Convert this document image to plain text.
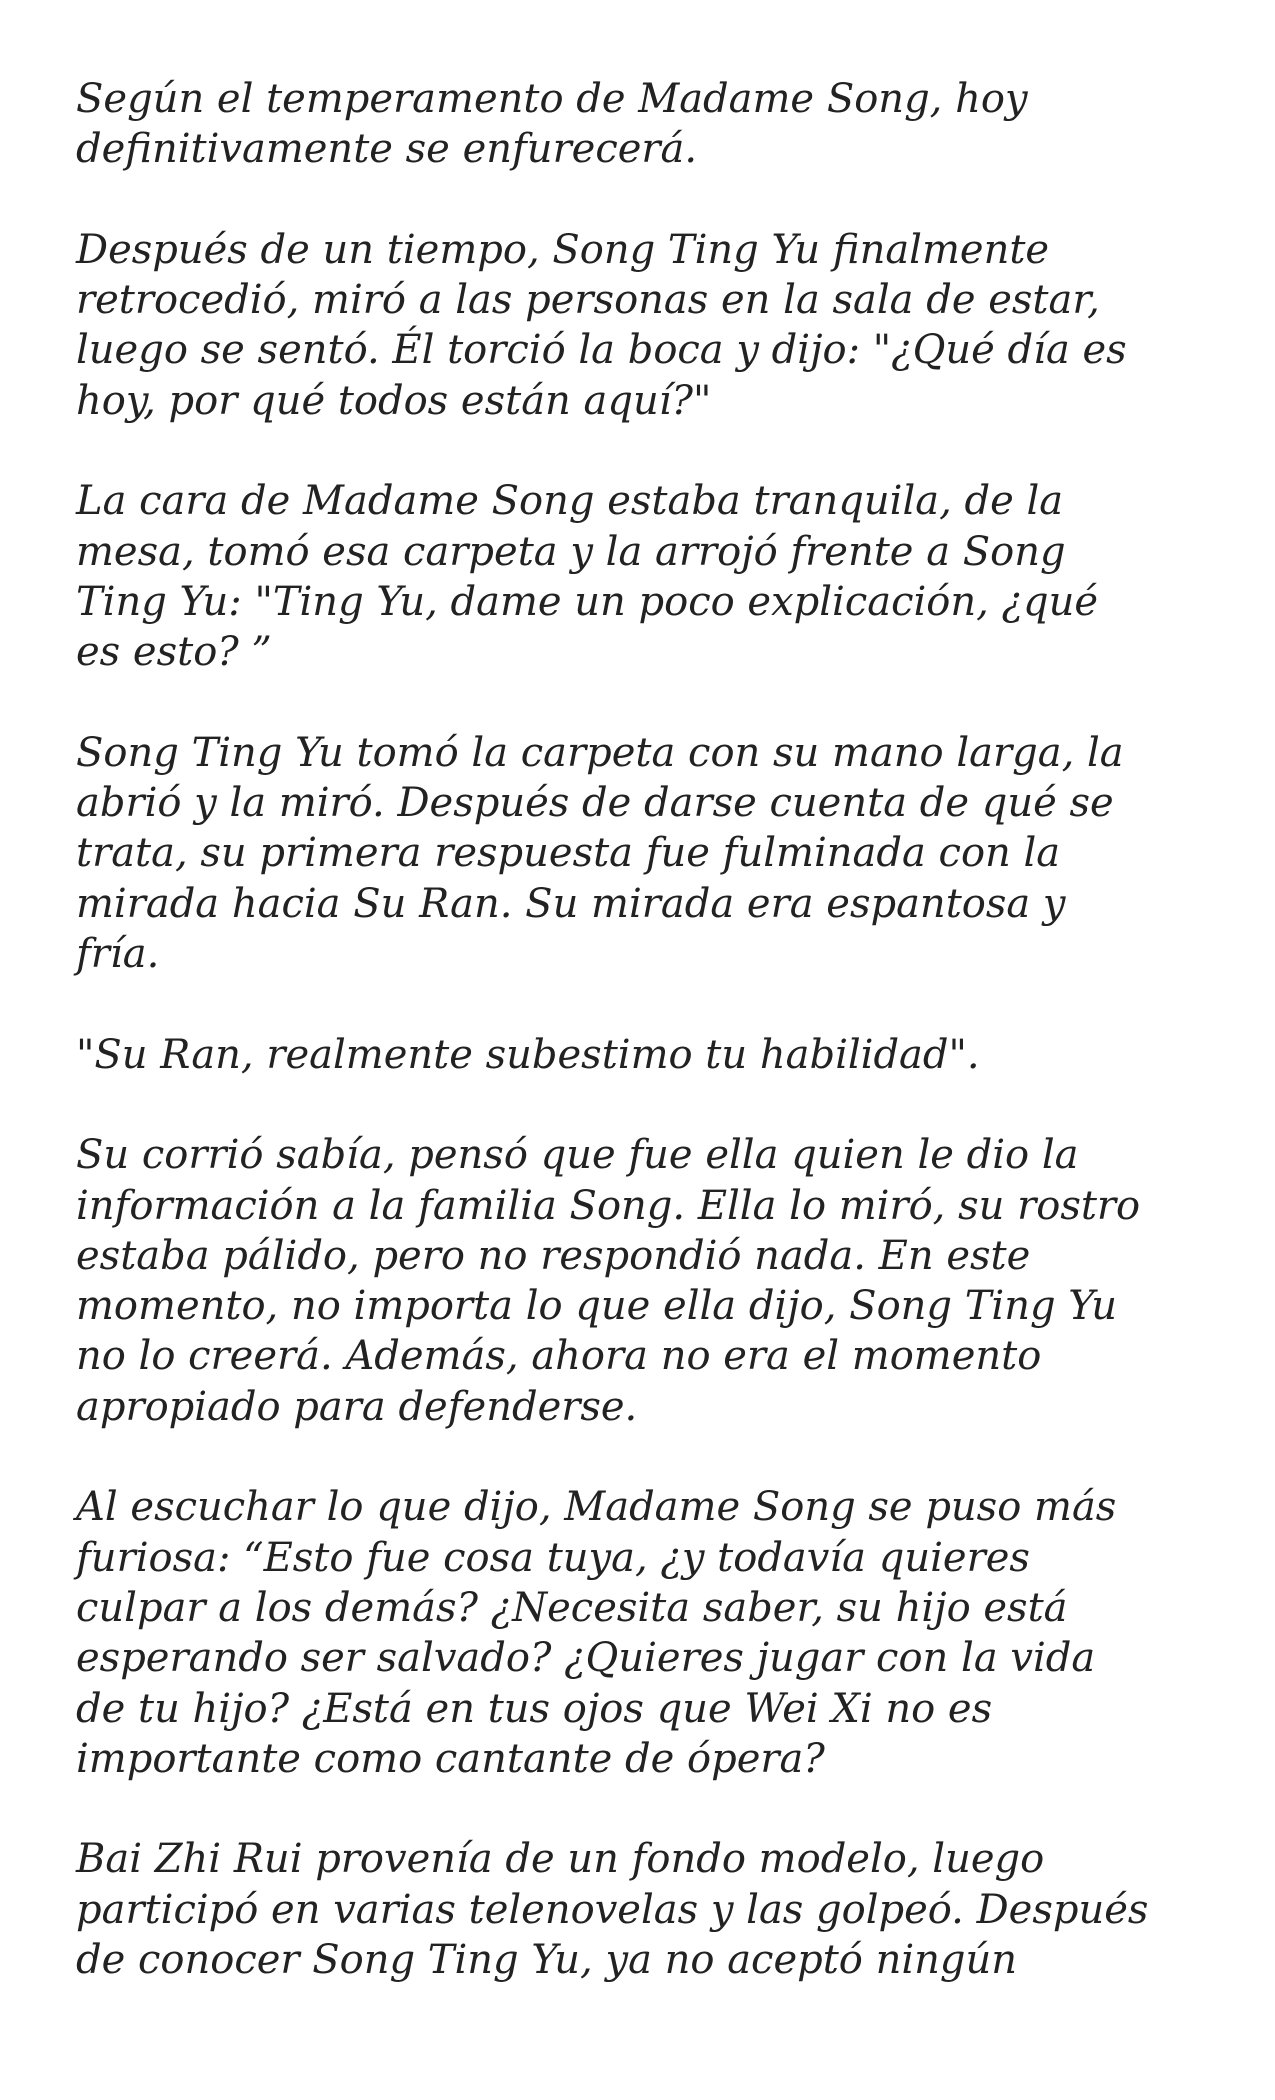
Según el temperamento de Madame Song, hoy
definitivamente se enfurecerá.

Después de un tiempo, Song Ting Yu finalmente
retrocedió, miró a las personas en la sala de estar,
luego se sentó. Él torció la boca y dijo: "¿Qué día es
hoy, por qué todos están aquí?"

La cara de Madame Song estaba tranquila, de la
mesa, tomó esa carpeta y la arrojó frente a Song
Ting Yu: "Ting Yu, dame un poco explicación, ¿qué
es esto? ”

Song Ting Yu tomó la carpeta con su mano larga, la
abrió y la miró. Después de darse cuenta de qué se
trata, su primera respuesta fue fulminada con la
mirada hacia Su Ran. Su mirada era espantosa y
fría.

"Su Ran, realmente subestimo tu habilidad".

Su corrió sabía, pensó que fue ella quien le dio la
información a la familia Song. Ella lo miró, su rostro
estaba pálido, pero no respondió nada. En este
momento, no importa lo que ella dijo, Song Ting Yu
no lo creerá. Además, ahora no era el momento
apropiado para defenderse.

Al escuchar lo que dijo, Madame Song se puso más
furiosa: “Esto fue cosa tuya, ¿y todavía quieres
culpar a los demás? ¿Necesita saber, su hijo está
esperando ser salvado? ¿Quieres jugar con la vida
de tu hijo? ¿Está en tus ojos que Wei Xi no es
importante como cantante de ópera?

Bai Zhi Rui provenía de un fondo modelo, luego
participó en varias telenovelas y las golpeó. Después
de conocer Song Ting Yu, ya no aceptó ningún
